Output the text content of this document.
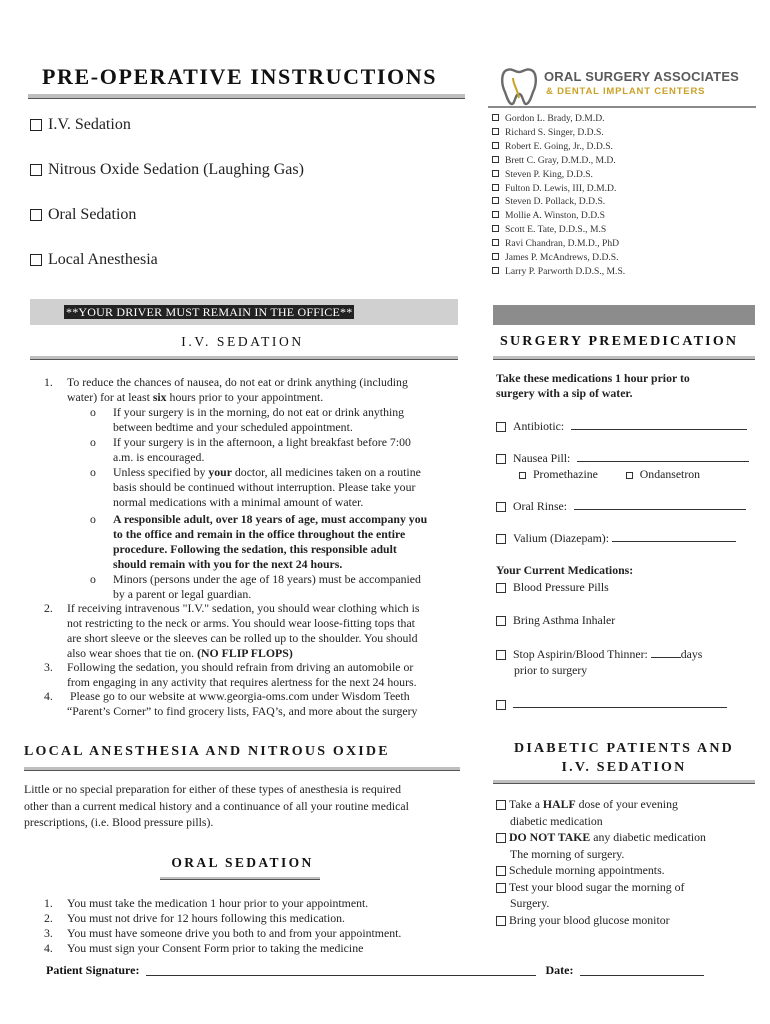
PRE-OPERATIVE INSTRUCTIONS	ORAL SURGERY ASSOCIATES
& DENTAL IMPLANT CENTERS
I.V. Sedation
Nitrous Oxide Sedation (Laughing Gas)
Oral Sedation
Local Anesthesia
Gordon L. Brady, D.M.D.
Richard S. Singer, D.D.S.
Robert E. Going, Jr., D.D.S.
Brett C. Gray, D.M.D., M.D.
Steven P. King, D.D.S.
Fulton D. Lewis, III, D.M.D.
Steven D. Pollack, D.D.S.
Mollie A. Winston, D.D.S
Scott E. Tate, D.D.S., M.S
Ravi Chandran, D.M.D., PhD
James P. McAndrews, D.D.S.
Larry P. Parworth D.D.S., M.S.
**YOUR DRIVER MUST REMAIN IN THE OFFICE**
I.V. SEDATION
1. To reduce the chances of nausea, do not eat or drink anything (including
water) for at least six hours prior to your appointment.
o If your surgery is in the morning, do not eat or drink anything
between bedtime and your scheduled appointment.
o If your surgery is in the afternoon, a light breakfast before 7:00
a.m. is encouraged.
o Unless specified by your doctor, all medicines taken on a routine
basis should be continued without interruption. Please take your
normal medications with a minimal amount of water.
o A responsible adult, over 18 years of age, must accompany you
to the office and remain in the office throughout the entire
procedure. Following the sedation, this responsible adult
should remain with you for the next 24 hours.
o Minors (persons under the age of 18 years) must be accompanied
by a parent or legal guardian.
2. If receiving intravenous "I.V." sedation, you should wear clothing which is
not restricting to the neck or arms. You should wear loose-fitting tops that
are short sleeve or the sleeves can be rolled up to the shoulder. You should
also wear shoes that tie on. (NO FLIP FLOPS)
3. Following the sedation, you should refrain from driving an automobile or
from engaging in any activity that requires alertness for the next 24 hours.
4. Please go to our website at www.georgia-oms.com under Wisdom Teeth
“Parent’s Corner” to find grocery lists, FAQ’s, and more about the surgery
LOCAL ANESTHESIA AND NITROUS OXIDE
Little or no special preparation for either of these types of anesthesia is required
other than a current medical history and a continuance of all your routine medical
prescriptions, (i.e. Blood pressure pills).
ORAL SEDATION
1. You must take the medication 1 hour prior to your appointment.
2. You must not drive for 12 hours following this medication.
3. You must have someone drive you both to and from your appointment.
4. You must sign your Consent Form prior to taking the medicine
SURGERY PREMEDICATION
Take these medications 1 hour prior to
surgery with a sip of water.
Antibiotic:
Nausea Pill:
Promethazine	Ondansetron
Oral Rinse:
Valium (Diazepam):
Your Current Medications:
Blood Pressure Pills
Bring Asthma Inhaler
Stop Aspirin/Blood Thinner:	days
prior to surgery
DIABETIC PATIENTS AND
I.V. SEDATION
Take a HALF dose of your evening
diabetic medication
DO NOT TAKE any diabetic medication
The morning of surgery.
Schedule morning appointments.
Test your blood sugar the morning of
Surgery.
Bring your blood glucose monitor
Patient Signature:	Date:
